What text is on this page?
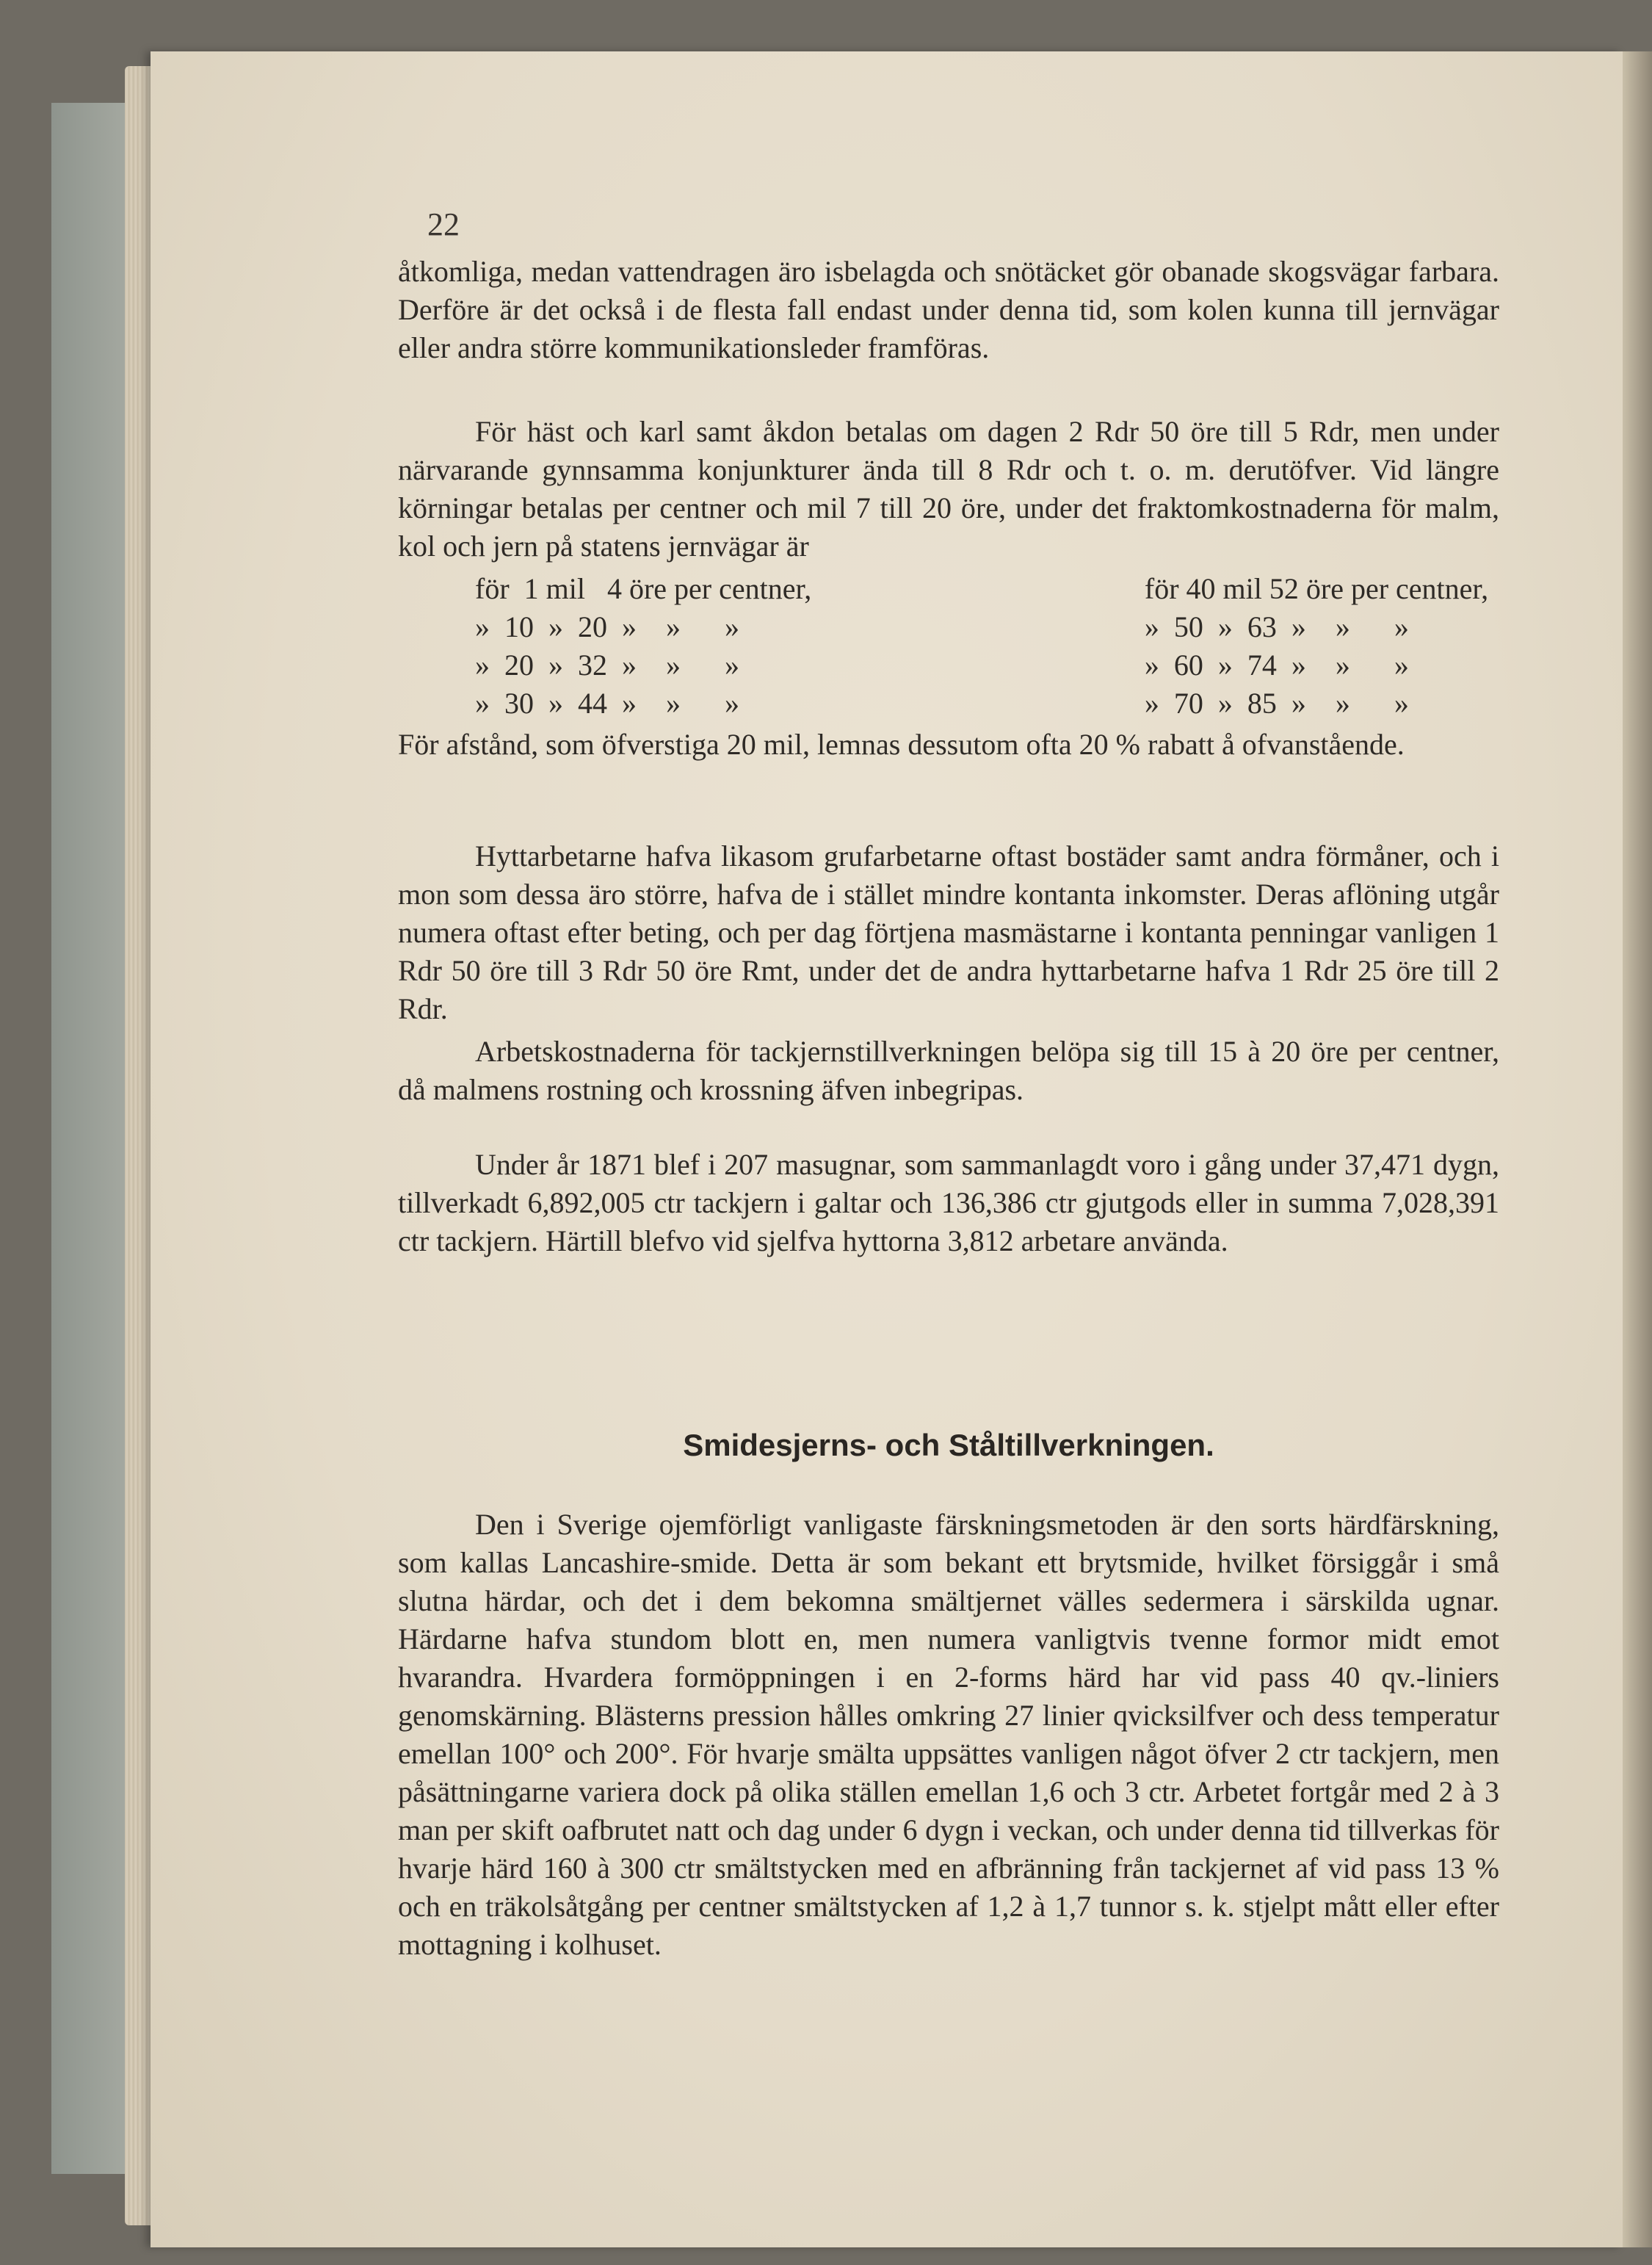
22

åtkomliga, medan vattendragen äro isbelagda och snötäcket gör obanade skogsvägar farbara. Derföre är det också i de flesta fall endast under denna tid, som kolen kunna till jernvägar eller andra större kommunikationsleder framföras.

För häst och karl samt åkdon betalas om dagen 2 Rdr 50 öre till 5 Rdr, men under närvarande gynnsamma konjunkturer ända till 8 Rdr och t. o. m. derutöfver. Vid längre körningar betalas per centner och mil 7 till 20 öre, under det fraktomkostnaderna för malm, kol och jern på statens jernvägar är

för  1 mil   4 öre per centner,	för 40 mil 52 öre per centner,
»  10  »  20  »    »      »	»  50  »  63  »    »      »
»  20  »  32  »    »      »	»  60  »  74  »    »      »
»  30  »  44  »    »      »	»  70  »  85  »    »      »

För afstånd, som öfverstiga 20 mil, lemnas dessutom ofta 20 % rabatt å ofvanstående.

Hyttarbetarne hafva likasom grufarbetarne oftast bostäder samt andra förmåner, och i mon som dessa äro större, hafva de i stället mindre kontanta inkomster. Deras aflöning utgår numera oftast efter beting, och per dag förtjena masmästarne i kontanta penningar vanligen 1 Rdr 50 öre till 3 Rdr 50 öre Rmt, under det de andra hyttarbetarne hafva 1 Rdr 25 öre till 2 Rdr.

Arbetskostnaderna för tackjernstillverkningen belöpa sig till 15 à 20 öre per centner, då malmens rostning och krossning äfven inbegripas.

Under år 1871 blef i 207 masugnar, som sammanlagdt voro i gång under 37,471 dygn, tillverkadt 6,892,005 ctr tackjern i galtar och 136,386 ctr gjutgods eller in summa 7,028,391 ctr tackjern. Härtill blefvo vid sjelfva hyttorna 3,812 arbetare använda.

Smidesjerns- och Ståltillverkningen.

Den i Sverige ojemförligt vanligaste färskningsmetoden är den sorts härdfärskning, som kallas Lancashire-smide. Detta är som bekant ett brytsmide, hvilket försiggår i små slutna härdar, och det i dem bekomna smältjernet välles sedermera i särskilda ugnar. Härdarne hafva stundom blott en, men numera vanligtvis tvenne formor midt emot hvarandra. Hvardera formöppningen i en 2-forms härd har vid pass 40 qv.-liniers genomskärning. Blästerns pression hålles omkring 27 linier qvicksilfver och dess temperatur emellan 100° och 200°. För hvarje smälta uppsättes vanligen något öfver 2 ctr tackjern, men påsättningarne variera dock på olika ställen emellan 1,6 och 3 ctr. Arbetet fortgår med 2 à 3 man per skift oafbrutet natt och dag under 6 dygn i veckan, och under denna tid tillverkas för hvarje härd 160 à 300 ctr smältstycken med en afbränning från tackjernet af vid pass 13 % och en träkolsåtgång per centner smältstycken af 1,2 à 1,7 tunnor s. k. stjelpt mått eller efter mottagning i kolhuset.
